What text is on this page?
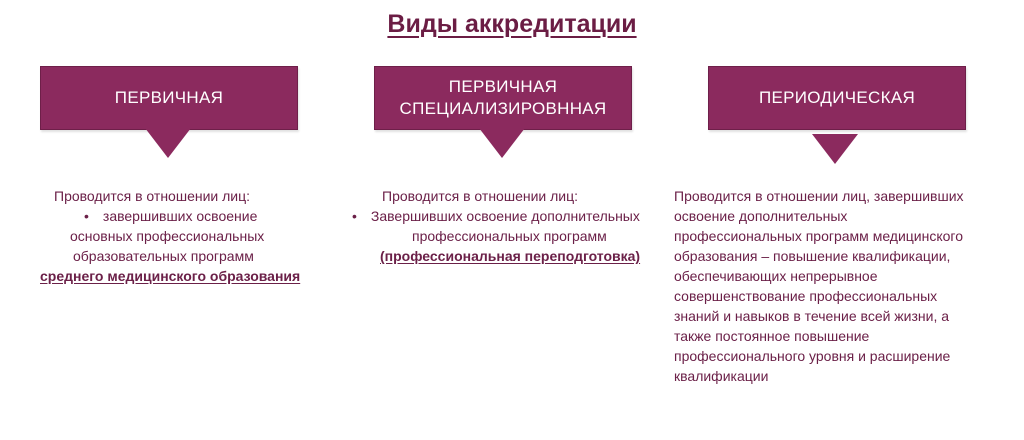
Виды аккредитации
ПЕРВИЧНАЯ
ПЕРВИЧНАЯ
СПЕЦИАЛИЗИРОВННАЯ
ПЕРИОДИЧЕСКАЯ
Проводится в отношении лиц:
• завершивших освоение
основных профессиональных
образовательных программ
среднего медицинского образования
Проводится в отношении лиц:
• Завершивших освоение дополнительных
профессиональных программ
(профессиональная переподготовка)
Проводится в отношении лиц, завершивших
освоение дополнительных
профессиональных программ медицинского
образования – повышение квалификации,
обеспечивающих непрерывное
совершенствование профессиональных
знаний и навыков в течение всей жизни, а
также постоянное повышение
профессионального уровня и расширение
квалификации
